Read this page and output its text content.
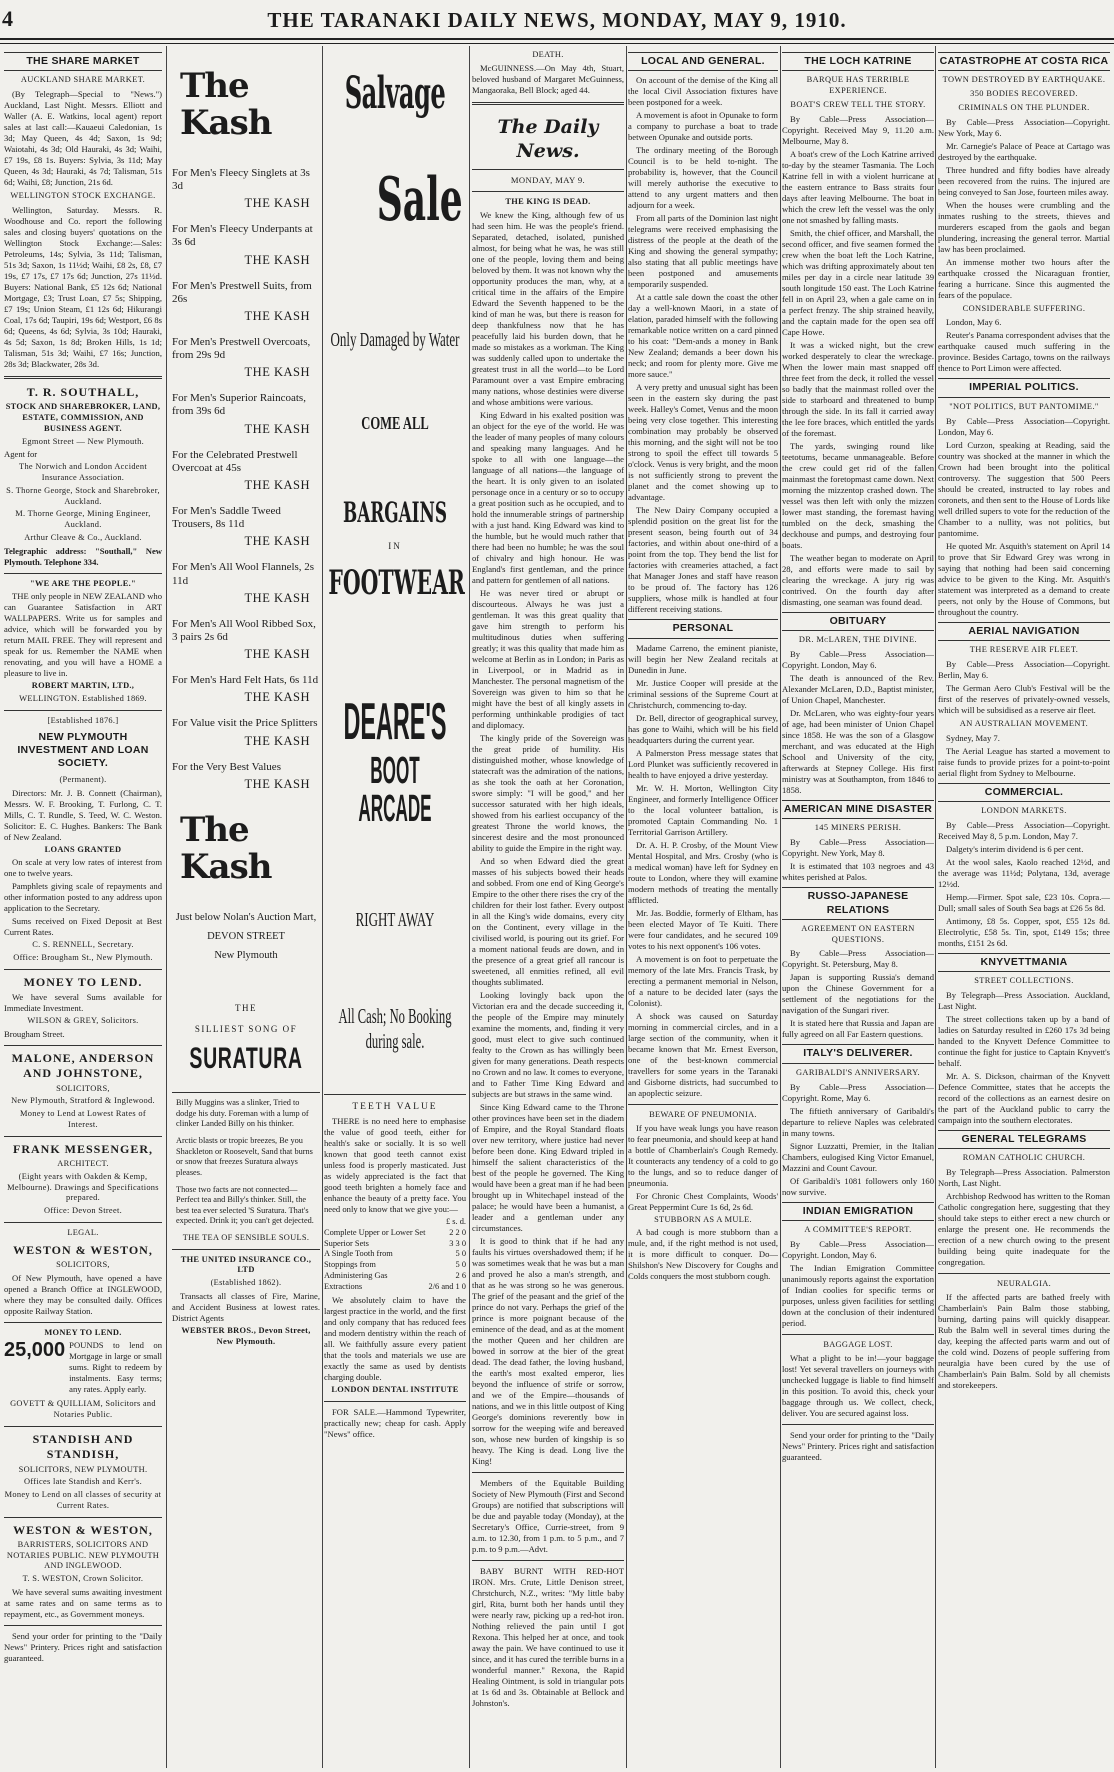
4	THE TARANAKI DAILY NEWS, MONDAY, MAY 9, 1910.
THE SHARE MARKET
AUCKLAND SHARE MARKET.

(By Telegraph—Special to "News.") Auckland, Last Night. Messrs. Elliott and Waller (A. E. Watkins, local agent) report sales at last call:—Kauaeui Caledonian, 1s 3d; May Queen, 4s 4d; Saxon, 1s 9d; Waiotahi, 4s 3d; Old Hauraki, 4s 3d; Waihi, £7 19s, £8 1s. Buyers: Sylvia, 3s 11d; May Queen, 4s 3d; Hauraki, 4s 7d; Talisman, 51s 6d; Waihi, £8; Junction, 21s 6d.

WELLINGTON STOCK EXCHANGE.

Wellington, Saturday. Messrs. R. Woodhouse and Co. report the following sales and closing buyers' quotations on the Wellington Stock Exchange:—Sales: Petroleums, 14s; Sylvia, 3s 11d; Talisman, 51s 3d; Saxon, 1s 11½d; Waihi, £8 2s, £8, £7 19s, £7 17s, £7 17s 6d; Junction, 27s 11½d. Buyers: National Bank, £5 12s 6d; National Mortgage, £3; Trust Loan, £7 5s; Shipping, £7 19s; Union Steam, £1 12s 6d; Hikurangi Coal, 17s 6d; Taupiri, 19s 6d; Westport, £6 8s 6d; Queens, 4s 6d; Sylvia, 3s 10d; Hauraki, 4s 5d; Saxon, 1s 8d; Broken Hills, 1s 1d; Talisman, 51s 3d; Waihi, £7 16s; Junction, 28s 3d; Blackwater, 28s 3d.

T. R. SOUTHALL,
STOCK AND SHAREBROKER, LAND, ESTATE, COMMISSION, AND BUSINESS AGENT.
Egmont Street — New Plymouth.

Agent for

The Norwich and London Accident Insurance Association.
S. Thorne George, Stock and Sharebroker, Auckland.
M. Thorne George, Mining Engineer, Auckland.
Arthur Cleave & Co., Auckland.

Telegraphic address: "Southall," New Plymouth. Telephone 334.

"WE ARE THE PEOPLE."

THE only people in NEW ZEALAND who can Guarantee Satisfaction in ART WALLPAPERS. Write us for samples and advice, which will be forwarded you by return MAIL FREE. They will represent and speak for us. Remember the NAME when renovating, and you will have a HOME a pleasure to live in.

ROBERT MARTIN, LTD.,
WELLINGTON. Established 1869.
[Established 1876.]
NEW PLYMOUTH INVESTMENT AND LOAN SOCIETY.
(Permanent).

Directors: Mr. J. B. Connett (Chairman), Messrs. W. F. Brooking, T. Furlong, C. T. Mills, C. T. Rundle, S. Teed, W. C. Weston. Solicitor: E. C. Hughes. Bankers: The Bank of New Zealand.

LOANS GRANTED

On scale at very low rates of interest from one to twelve years.

Pamphlets giving scale of repayments and other information posted to any address upon application to the Secretary.

Sums received on Fixed Deposit at Best Current Rates.

C. S. RENNELL, Secretary.
Office: Brougham St., New Plymouth.
MONEY TO LEND.

We have several Sums available for Immediate Investment.

WILSON & GREY, Solicitors.

Brougham Street.

MALONE, ANDERSON AND JOHNSTONE,
SOLICITORS,
New Plymouth, Stratford & Inglewood.
Money to Lend at Lowest Rates of Interest.
FRANK MESSENGER,
ARCHITECT.
(Eight years with Oakden & Kemp, Melbourne). Drawings and Specifications prepared.
Office: Devon Street.
LEGAL.
WESTON & WESTON,
SOLICITORS,

Of New Plymouth, have opened a have opened a Branch Office at INGLEWOOD, where they may be consulted daily. Offices opposite Railway Station.

MONEY TO LEND.
25,000 POUNDS to lend on Mortgage in large or small sums. Right to redeem by instalments. Easy terms; any rates. Apply early.

GOVETT & QUILLIAM, Solicitors and Notaries Public.
STANDISH AND STANDISH,
SOLICITORS, NEW PLYMOUTH.
Offices late Standish and Kerr's.
Money to Lend on all classes of security at Current Rates.
WESTON & WESTON,
BARRISTERS, SOLICITORS AND NOTARIES PUBLIC. NEW PLYMOUTH AND INGLEWOOD.
T. S. WESTON, Crown Solicitor.

We have several sums awaiting investment at same rates and on same terms as to repayment, etc., as Government moneys.

Send your order for printing to the "Daily News" Printery. Prices right and satisfaction guaranteed.

The Kash
For Men's Fleecy Singlets at 3s 3d
THE KASH
For Men's Fleecy Underpants at 3s 6d
THE KASH
For Men's Prestwell Suits, from 26s
THE KASH
For Men's Prestwell Overcoats, from 29s 9d
THE KASH
For Men's Superior Raincoats, from 39s 6d
THE KASH
For the Celebrated Prestwell Overcoat at 45s
THE KASH
For Men's Saddle Tweed Trousers, 8s 11d
THE KASH
For Men's All Wool Flannels, 2s 11d
THE KASH
For Men's All Wool Ribbed Sox, 3 pairs 2s 6d
THE KASH
For Men's Hard Felt Hats, 6s 11d
THE KASH
For Value visit the Price Splitters
THE KASH
For the Very Best Values
THE KASH
The Kash
Just below Nolan's Auction Mart,
DEVON STREET
New Plymouth
THE
SILLIEST SONG OF
SURATURA
Billy Muggins was a slinker, Tried to dodge his duty. Foreman with a lump of clinker Landed Billy on his thinker.
Arctic blasts or tropic breezes, Be you Shackleton or Roosevelt, Sand that burns or snow that freezes Suratura always pleases.
Those two facts are not connected— Perfect tea and Billy's thinker. Still, the best tea ever selected 'S Suratura. That's expected. Drink it; you can't get dejected.
THE TEA OF SENSIBLE SOULS.
THE UNITED INSURANCE CO., LTD
(Established 1862).

Transacts all classes of Fire, Marine, and Accident Business at lowest rates. District Agents

WEBSTER BROS., Devon Street, New Plymouth.
Salvage
Sale
Only Damaged by Water
COME ALL
BARGAINS
IN
FOOTWEAR
DEARE'S
BOOT ARCADE
RIGHT AWAY
All Cash; No Booking during sale.
TEETH VALUE

THERE is no need here to emphasise the value of good teeth, either for health's sake or socially. It is so well known that good teeth cannot exist unless food is properly masticated. Just as widely appreciated is the fact that good teeth brighten a homely face and enhance the beauty of a pretty face. You need only to know that we give you:—

£ s. d.
Complete Upper or Lower Set	2 2 0
Superior Sets	3 3 0
A Single Tooth from	5 0
Stoppings from	5 0
Administering Gas	2 6
Extractions	2/6 and 1 0

We absolutely claim to have the largest practice in the world, and the first and only company that has reduced fees and modern dentistry within the reach of all. We faithfully assure every patient that the tools and materials we use are exactly the same as used by dentists charging double.

LONDON DENTAL INSTITUTE

FOR SALE.—Hammond Typewriter, practically new; cheap for cash. Apply "News" office.

DEATH.

McGUINNESS.—On May 4th, Stuart, beloved husband of Margaret McGuinness, Mangaoraka, Bell Block; aged 44.

The Daily News.
MONDAY, MAY 9.
THE KING IS DEAD.

We knew the King, although few of us had seen him. He was the people's friend. Separated, detached, isolated, punished almost, for being what he was, he was still one of the people, loving them and being beloved by them. It was not known why the opportunity produces the man, why, at a critical time in the affairs of the Empire Edward the Seventh happened to be the kind of man he was, but there is reason for deep thankfulness now that he has peacefully laid his burden down, that he made so mistakes as a workman. The King was suddenly called upon to undertake the greatest trust in all the world—to be Lord Paramount over a vast Empire embracing many nations, whose destinies were diverse and whose ambitions were various.

King Edward in his exalted position was an object for the eye of the world. He was the leader of many peoples of many colours and speaking many languages. And he spoke to all with one language—the language of all nations—the language of the heart. It is only given to an isolated personage once in a century or so to occupy a great position such as he occupied, and to hold the innumerable strings of partnership with a just hand. King Edward was kind to the humble, but he would much rather that there had been no humble; he was the soul of chivalry and high honour. He was England's first gentleman, and the prince and pattern for gentlemen of all nations.

He was never tired or abrupt or discourteous. Always he was just a gentleman. It was this great quality that gave him strength to perform his multitudinous duties when suffering greatly; it was this quality that made him as welcome at Berlin as in London; in Paris as in Liverpool, or in Madrid as in Manchester. The personal magnetism of the Sovereign was given to him so that he might have the best of all kingly assets in performing unthinkable prodigies of tact and diplomacy.

The kingly pride of the Sovereign was the great pride of humility. His distinguished mother, whose knowledge of statecraft was the admiration of the nations, as she took the oath at her Coronation, swore simply: "I will be good," and her successor saturated with her high ideals, showed from his earliest occupancy of the greatest Throne the world knows, the sincerest desire and the most pronounced ability to guide the Empire in the right way.

And so when Edward died the great masses of his subjects bowed their heads and sobbed. From one end of King George's Empire to the other there rises the cry of the children for their lost father. Every outpost in all the King's wide domains, every city on the Continent, every village in the civilised world, is pouring out its grief. For a moment national feuds are down, and in the presence of a great grief all rancour is sweetened, all enmities refined, all evil thoughts sublimated.

Looking lovingly back upon the Victorian era and the decade succeeding it, the people of the Empire may minutely examine the moments, and, finding it very good, must elect to give such continued fealty to the Crown as has willingly been given for many generations. Death respects no Crown and no law. It comes to everyone, and to Father Time King Edward and subjects are but straws in the same wind.

Since King Edward came to the Throne other provinces have been set in the diadem of Empire, and the Royal Standard floats over new territory, where justice had never before been done. King Edward tripled in himself the salient characteristics of the best of the people he governed. The King would have been a great man if he had been brought up in Whitechapel instead of the palace; he would have been a humanist, a leader and a gentleman under any circumstances.

It is good to think that if he had any faults his virtues overshadowed them; if he was sometimes weak that he was but a man and proved he also a man's strength, and that as he was strong so he was generous. The grief of the peasant and the grief of the prince do not vary. Perhaps the grief of the prince is more poignant because of the eminence of the dead, and as at the moment the mother Queen and her children are bowed in sorrow at the bier of the great dead. The dead father, the loving husband, the earth's most exalted emperor, lies beyond the influence of strife or sorrow, and we of the Empire—thousands of nations, and we in this little outpost of King George's dominions reverently bow in sorrow for the weeping wife and bereaved son, whose new burden of kingship is so heavy. The King is dead. Long live the King!

Members of the Equitable Building Society of New Plymouth (First and Second Groups) are notified that subscriptions will be due and payable today (Monday), at the Secretary's Office, Currie-street, from 9 a.m. to 12.30, from 1 p.m. to 5 p.m., and 7 p.m. to 9 p.m.—Advt.

BABY BURNT WITH RED-HOT IRON. Mrs. Crute, Little Denison street, Chrstchurch, N.Z., writes: "My little baby girl, Rita, burnt both her hands until they were nearly raw, picking up a red-hot iron. Nothing relieved the pain until I got Rexona. This helped her at once, and took away the pain. We have continued to use it since, and it has cured the terrible burns in a wonderful manner." Rexona, the Rapid Healing Ointment, is sold in triangular pots at 1s 6d and 3s. Obtainable at Bellock and Johnston's.

LOCAL AND GENERAL.

On account of the demise of the King all the local Civil Association fixtures have been postponed for a week.

A movement is afoot in Opunake to form a company to purchase a boat to trade between Opunake and outside ports.

The ordinary meeting of the Borough Council is to be held to-night. The probability is, however, that the Council will merely authorise the executive to attend to any urgent matters and then adjourn for a week.

From all parts of the Dominion last night telegrams were received emphasising the distress of the people at the death of the King and showing the general sympathy; also stating that all public meetings have been postponed and amusements temporarily suspended.

At a cattle sale down the coast the other day a well-known Maori, in a state of elation, paraded himself with the following remarkable notice written on a card pinned to his coat: "Dem-ands a money in Bank New Zealand; demands a beer down his neck; and room for plenty more. Give me more sauce."

A very pretty and unusual sight has been seen in the eastern sky during the past week. Halley's Comet, Venus and the moon being very close together. This interesting combination may probably be observed this morning, and the sight will not be too strong to spoil the effect till towards 5 o'clock. Venus is very bright, and the moon is not sufficiently strong to prevent the planet and the comet showing up to advantage.

The New Dairy Company occupied a splendid position on the great list for the present season, being fourth out of 34 factories, and within about one-third of a point from the top. They bend the list for factories with creameries attached, a fact that Manager Jones and staff have reason to be proud of. The factory has 126 suppliers, whose milk is handled at four different receiving stations.

PERSONAL

Madame Carreno, the eminent pianiste, will begin her New Zealand recitals at Dunedin in June.

Mr. Justice Cooper will preside at the criminal sessions of the Supreme Court at Christchurch, commencing to-day.

Dr. Bell, director of geographical survey, has gone to Waihi, which will be his field headquarters during the current year.

A Palmerston Press message states that Lord Plunket was sufficiently recovered in health to have enjoyed a drive yesterday.

Mr. W. H. Morton, Wellington City Engineer, and formerly Intelligence Officer to the local volunteer battalion, is promoted Captain Commanding No. 1 Territorial Garrison Artillery.

Dr. A. H. P. Crosby, of the Mount View Mental Hospital, and Mrs. Crosby (who is a medical woman) have left for Sydney en route to London, where they will examine modern methods of treating the mentally afflicted.

Mr. Jas. Boddie, formerly of Eltham, has been elected Mayor of Te Kuiti. There were four candidates, and he secured 109 votes to his next opponent's 106 votes.

A movement is on foot to perpetuate the memory of the late Mrs. Francis Trask, by erecting a permanent memorial in Nelson, of a nature to be decided later (says the Colonist).

A shock was caused on Saturday morning in commercial circles, and in a large section of the community, when it became known that Mr. Ernest Everson, one of the best-known commercial travellers for some years in the Taranaki and Gisborne districts, had succumbed to an apoplectic seizure.

BEWARE OF PNEUMONIA.

If you have weak lungs you have reason to fear pneumonia, and should keep at hand a bottle of Chamberlain's Cough Remedy. It counteracts any tendency of a cold to go to the lungs, and so to reduce danger of pneumonia.

For Chronic Chest Complaints, Woods' Great Peppermint Cure 1s 6d, 2s 6d.

STUBBORN AS A MULE.

A bad cough is more stubborn than a mule, and, if the right method is not used, it is more difficult to conquer. Do—Shilshon's New Discovery for Coughs and Colds conquers the most stubborn cough.

THE LOCH KATRINE
BARQUE HAS TERRIBLE EXPERIENCE.
BOAT'S CREW TELL THE STORY.

By Cable—Press Association—Copyright. Received May 9, 11.20 a.m. Melbourne, May 8.

A boat's crew of the Loch Katrine arrived to-day by the steamer Tasmania. The Loch Katrine fell in with a violent hurricane at the eastern entrance to Bass straits four days after leaving Melbourne. The boat in which the crew left the vessel was the only one not smashed by falling masts.

Smith, the chief officer, and Marshall, the second officer, and five seamen formed the crew when the boat left the Loch Katrine, which was drifting approximately about ten miles per day in a circle near latitude 39 south longitude 150 east. The Loch Katrine fell in on April 23, when a gale came on in a perfect frenzy. The ship strained heavily, and the captain made for the open sea off Cape Howe.

It was a wicked night, but the crew worked desperately to clear the wreckage. When the lower main mast snapped off three feet from the deck, it rolled the vessel so badly that the mainmast rolled over the side to starboard and threatened to bump through the side. In its fall it carried away the lee fore braces, which entitled the yards of the foremast.

The yards, swinging round like teetotums, became unmanageable. Before the crew could get rid of the fallen mainmast the foretopmast came down. Next morning the mizzentop crashed down. The vessel was then left with only the mizzen lower mast standing, the foremast having tumbled on the deck, smashing the deckhouse and pumps, and destroying four boats.

The weather began to moderate on April 28, and efforts were made to sail by clearing the wreckage. A jury rig was contrived. On the fourth day after dismasting, one seaman was found dead.

OBITUARY
DR. McLAREN, THE DIVINE.

By Cable—Press Association—Copyright. London, May 6.

The death is announced of the Rev. Alexander McLaren, D.D., Baptist minister, of Union Chapel, Manchester.

Dr. McLaren, who was eighty-four years of age, had been minister of Union Chapel since 1858. He was the son of a Glasgow merchant, and was educated at the High School and University of the city, afterwards at Stepney College. His first ministry was at Southampton, from 1846 to 1858.

AMERICAN MINE DISASTER
145 MINERS PERISH.

By Cable—Press Association—Copyright. New York, May 8.

It is estimated that 103 negroes and 43 whites perished at Palos.

RUSSO-JAPANESE RELATIONS
AGREEMENT ON EASTERN QUESTIONS.

By Cable—Press Association—Copyright. St. Petersburg, May 8.

Japan is supporting Russia's demand upon the Chinese Government for a settlement of the negotiations for the navigation of the Sungari river.

It is stated here that Russia and Japan are fully agreed on all Far Eastern questions.

ITALY'S DELIVERER.
GARIBALDI'S ANNIVERSARY.

By Cable—Press Association—Copyright. Rome, May 6.

The fiftieth anniversary of Garibaldi's departure to relieve Naples was celebrated in many towns.

Signor Luzzatti, Premier, in the Italian Chambers, eulogised King Victor Emanuel, Mazzini and Count Cavour.

Of Garibaldi's 1081 followers only 160 now survive.

INDIAN EMIGRATION
A COMMITTEE'S REPORT.

By Cable—Press Association—Copyright. London, May 6.

The Indian Emigration Committee unanimously reports against the exportation of Indian coolies for specific terms or purposes, unless given facilities for settling down at the conclusion of their indentured period.

BAGGAGE LOST.

What a plight to be in!—your baggage lost! Yet several travellers on journeys with unchecked luggage is liable to find himself in this position. To avoid this, check your baggage through us. We collect, check, deliver. You are secured against loss.

Send your order for printing to the "Daily News" Printery. Prices right and satisfaction guaranteed.

CATASTROPHE AT COSTA RICA
TOWN DESTROYED BY EARTHQUAKE.
350 BODIES RECOVERED.
CRIMINALS ON THE PLUNDER.

By Cable—Press Association—Copyright. New York, May 6.

Mr. Carnegie's Palace of Peace at Cartago was destroyed by the earthquake.

Three hundred and fifty bodies have already been recovered from the ruins. The injured are being conveyed to San Jose, fourteen miles away.

When the houses were crumbling and the inmates rushing to the streets, thieves and murderers escaped from the gaols and began plundering, increasing the general terror. Martial law has been proclaimed.

An immense mother two hours after the earthquake crossed the Nicaraguan frontier, fearing a hurricane. Since this augmented the fears of the populace.

CONSIDERABLE SUFFERING.

London, May 6.

Reuter's Panama correspondent advises that the earthquake caused much suffering in the province. Besides Cartago, towns on the railways thence to Port Limon were affected.

IMPERIAL POLITICS.
"NOT POLITICS, BUT PANTOMIME."

By Cable—Press Association—Copyright. London, May 6.

Lord Curzon, speaking at Reading, said the country was shocked at the manner in which the Crown had been brought into the political controversy. The suggestion that 500 Peers should be created, instructed to lay robes and coronets, and then sent to the House of Lords like well drilled supers to vote for the reduction of the Chamber to a nullity, was not politics, but pantomime.

He quoted Mr. Asquith's statement on April 14 to prove that Sir Edward Grey was wrong in saying that nothing had been said concerning advice to be given to the King. Mr. Asquith's statement was interpreted as a demand to create peers, not only by the House of Commons, but throughout the country.

AERIAL NAVIGATION
THE RESERVE AIR FLEET.

By Cable—Press Association—Copyright. Berlin, May 6.

The German Aero Club's Festival will be the first of the reserves of privately-owned vessels, which will be subsidised as a reserve air fleet.

AN AUSTRALIAN MOVEMENT.

Sydney, May 7.

The Aerial League has started a movement to raise funds to provide prizes for a point-to-point aerial flight from Sydney to Melbourne.

COMMERCIAL.
LONDON MARKETS.

By Cable—Press Association—Copyright. Received May 8, 5 p.m. London, May 7.

Dalgety's interim dividend is 6 per cent.

At the wool sales, Kaolo reached 12½d, and the average was 11½d; Polytana, 13d, average 12½d.

Hemp.—Firmer. Spot sale, £23 10s. Copra.—Dull; small sales of South Sea bags at £26 5s 8d.

Antimony, £8 5s. Copper, spot, £55 12s 8d. Electrolytic, £58 5s. Tin, spot, £149 15s; three months, £151 2s 6d.

KNYVETTMANIA
STREET COLLECTIONS.

By Telegraph—Press Association. Auckland, Last Night.

The street collections taken up by a band of ladies on Saturday resulted in £260 17s 3d being handed to the Knyvett Defence Committee to continue the fight for justice to Captain Knyvett's behalf.

Mr. A. S. Dickson, chairman of the Knyvett Defence Committee, states that he accepts the record of the collections as an earnest desire on the part of the Auckland public to carry the campaign into the southern electorates.

GENERAL TELEGRAMS
ROMAN CATHOLIC CHURCH.

By Telegraph—Press Association. Palmerston North, Last Night.

Archbishop Redwood has written to the Roman Catholic congregation here, suggesting that they should take steps to either erect a new church or enlarge the present one. He recommends the erection of a new church owing to the present building being quite inadequate for the congregation.

NEURALGIA.

If the affected parts are bathed freely with Chamberlain's Pain Balm those stabbing, burning, darting pains will quickly disappear. Rub the Balm well in several times during the day, keeping the affected parts warm and out of the cold wind. Dozens of people suffering from neuralgia have been cured by the use of Chamberlain's Pain Balm. Sold by all chemists and storekeepers.
